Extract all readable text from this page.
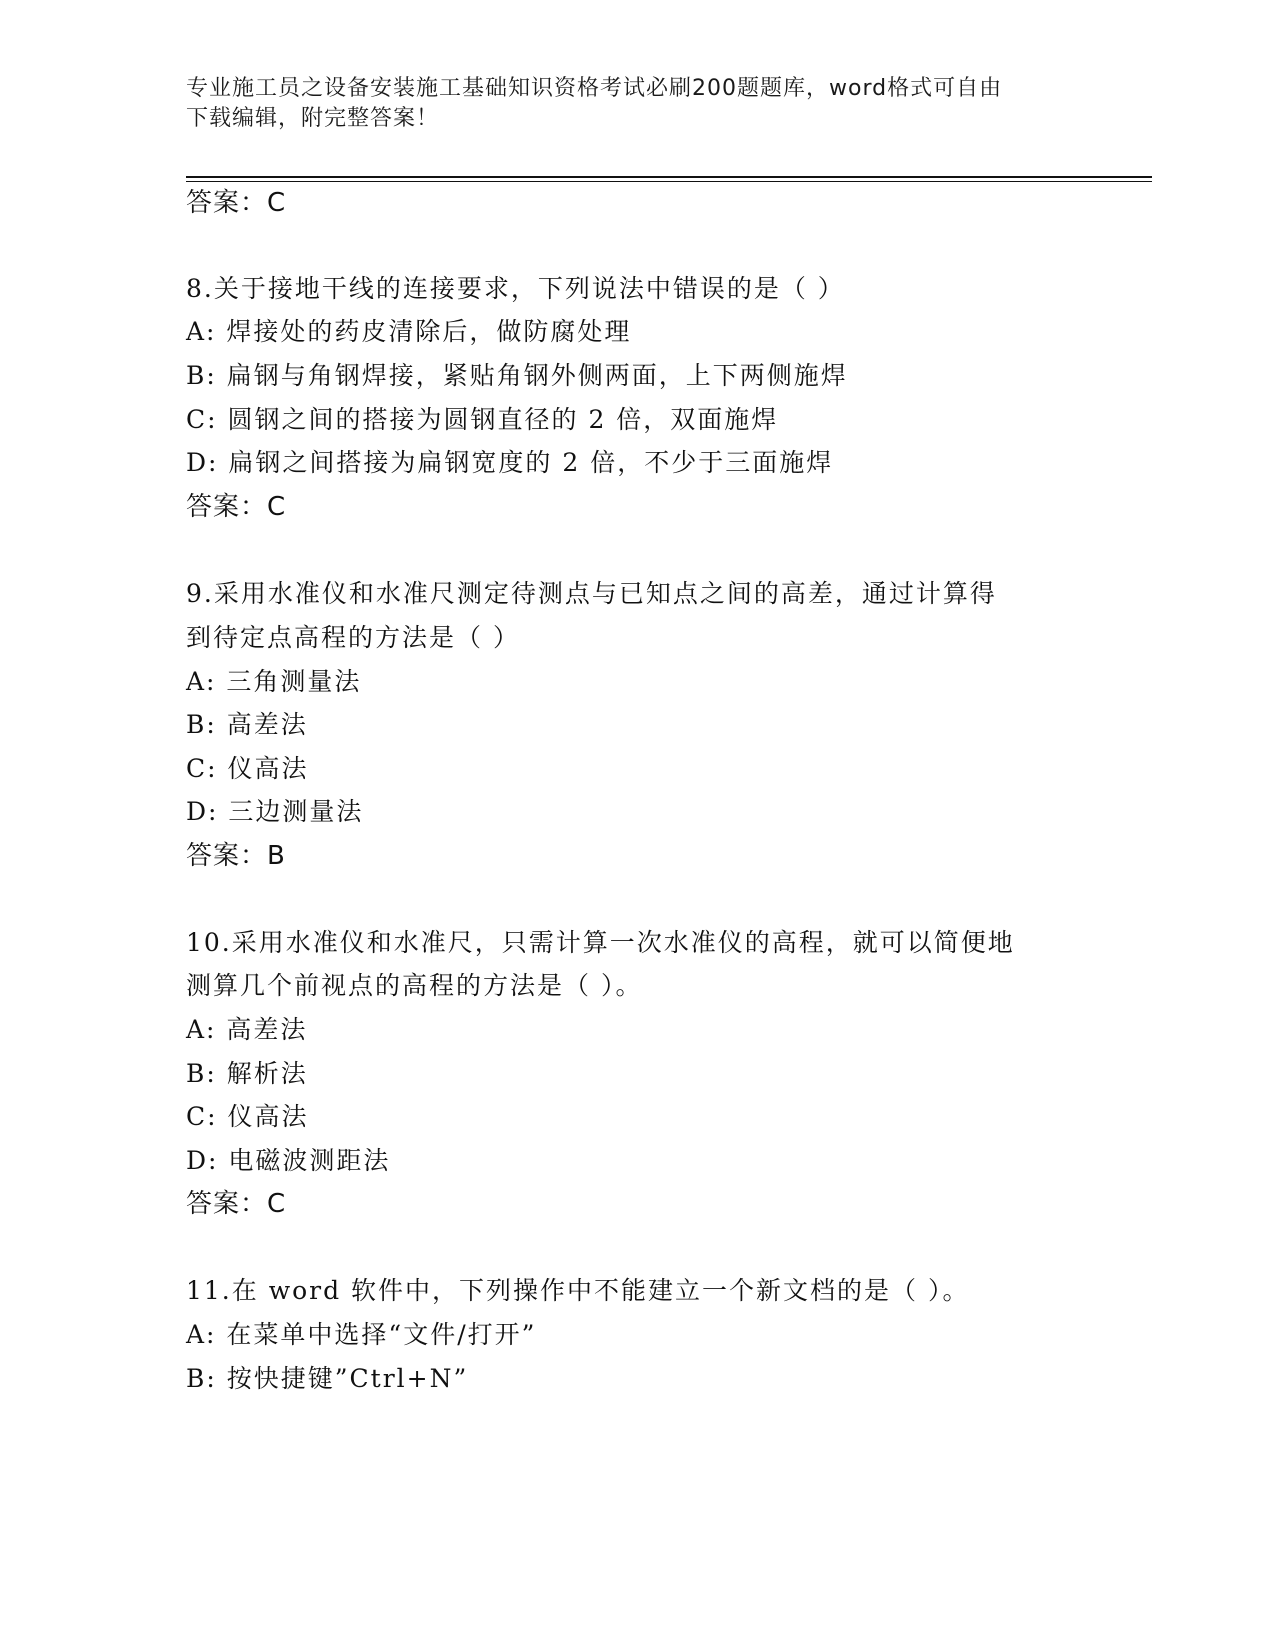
专业施工员之设备安装施工基础知识资格考试必刷200题题库，word格式可自由
下载编辑，附完整答案！
答案：C
8.关于接地干线的连接要求，下列说法中错误的是（ ）
A: 焊接处的药皮清除后，做防腐处理
B: 扁钢与角钢焊接，紧贴角钢外侧两面，上下两侧施焊
C: 圆钢之间的搭接为圆钢直径的 2 倍，双面施焊
D: 扁钢之间搭接为扁钢宽度的 2 倍，不少于三面施焊
答案：C
9.采用水准仪和水准尺测定待测点与已知点之间的高差，通过计算得
到待定点高程的方法是（ ）
A: 三角测量法
B: 高差法
C: 仪高法
D: 三边测量法
答案：B
10.采用水准仪和水准尺，只需计算一次水准仪的高程，就可以简便地
测算几个前视点的高程的方法是（ ）。
A: 高差法
B: 解析法
C: 仪高法
D: 电磁波测距法
答案：C
11.在 word 软件中，下列操作中不能建立一个新文档的是（ ）。
A: 在菜单中选择“文件/打开”
B: 按快捷键”Ctrl+N”
